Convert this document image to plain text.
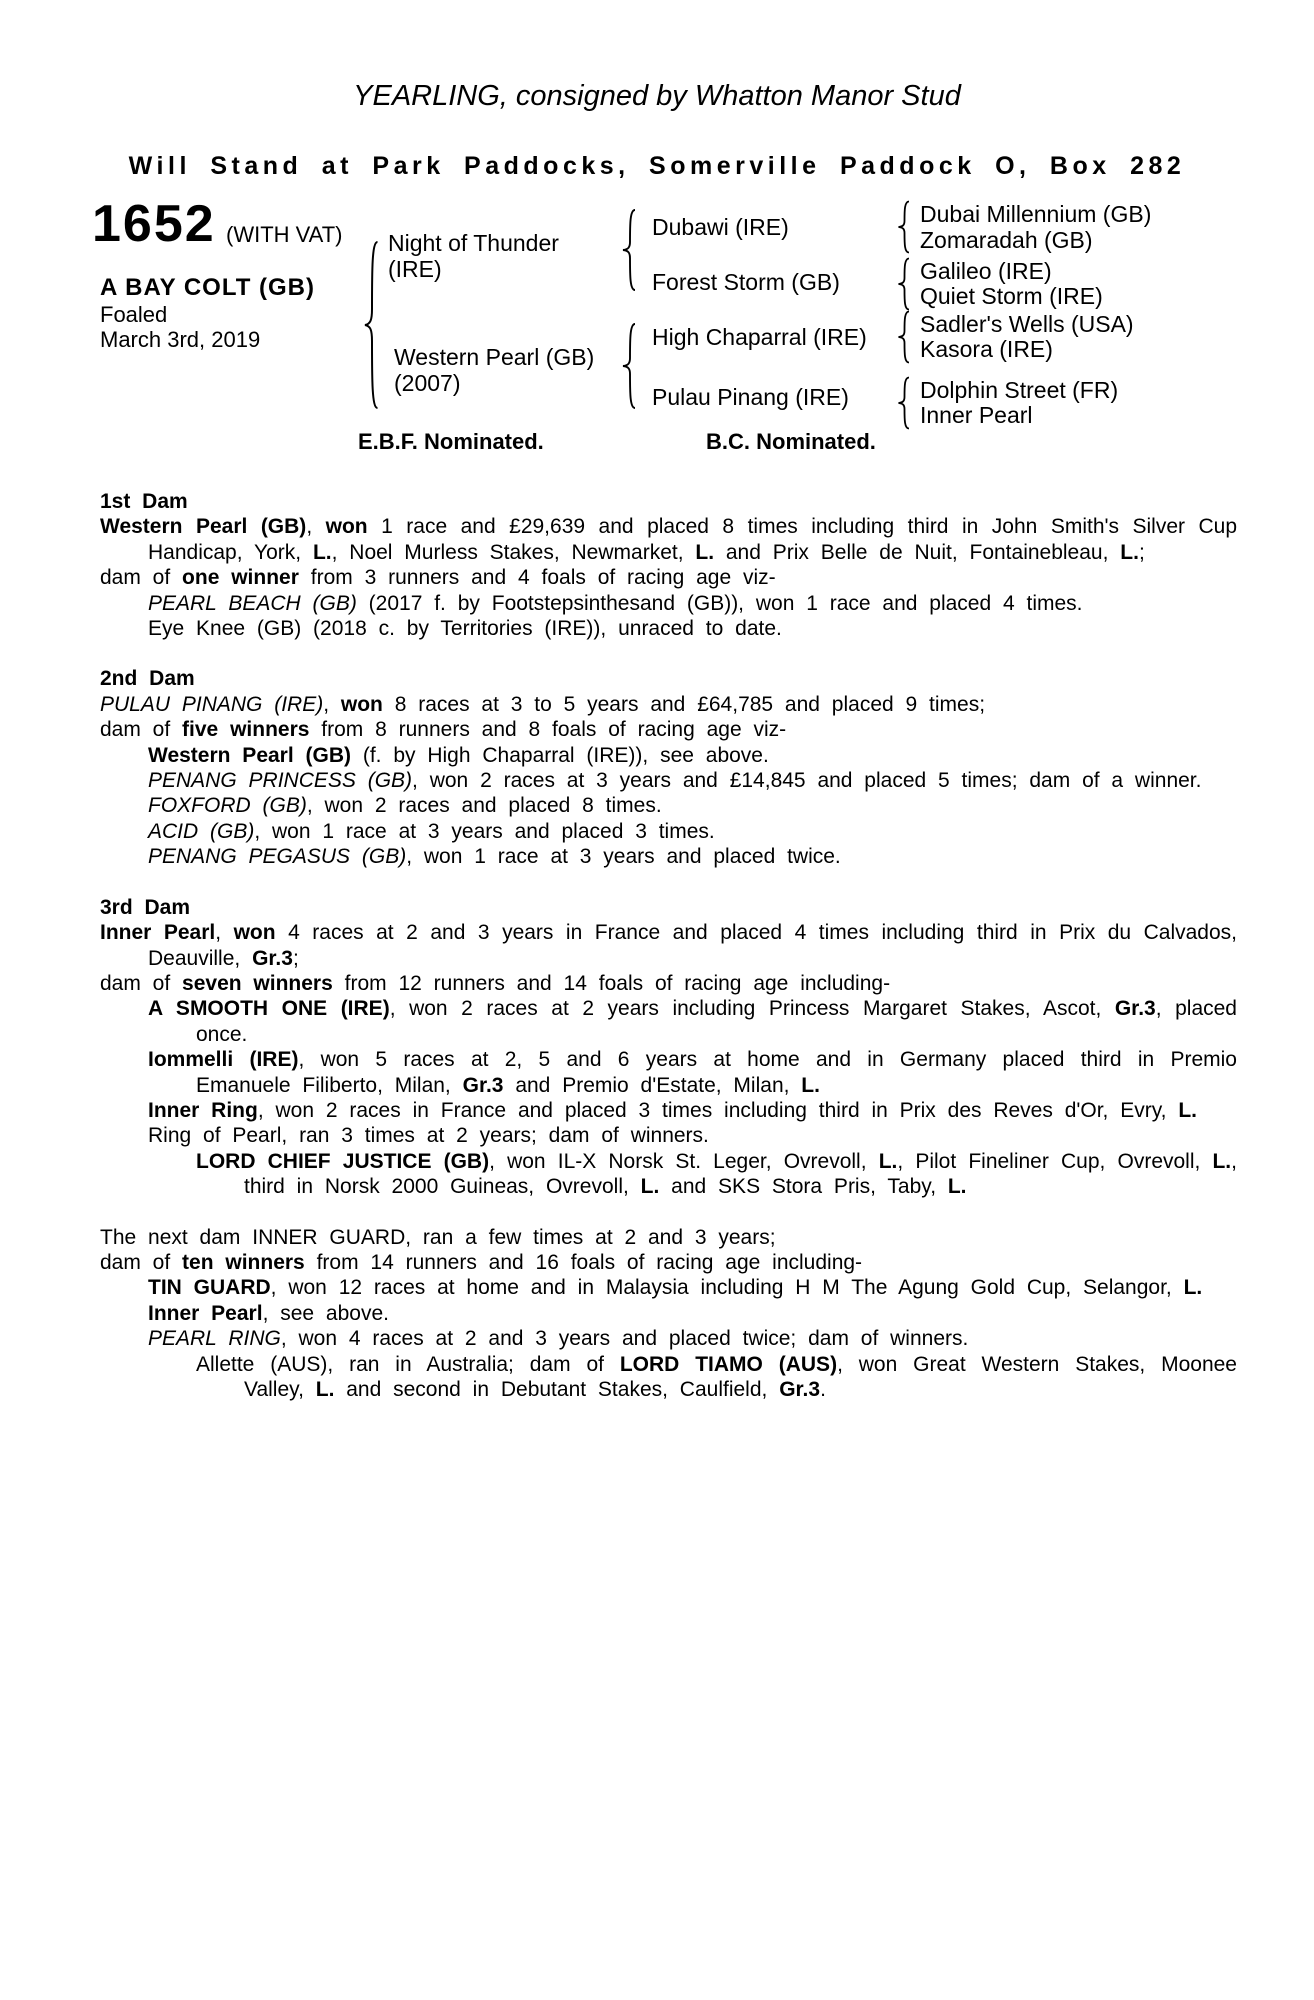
YEARLING, consigned by Whatton Manor Stud
Will Stand at Park Paddocks, Somerville Paddock O, Box 282
1652 (WITH VAT)
A BAY COLT (GB)
Foaled
March 3rd, 2019
Night of Thunder
(IRE)
Western Pearl (GB)
(2007)
Dubawi (IRE)
Forest Storm (GB)
High Chaparral (IRE)
Pulau Pinang (IRE)
Dubai Millennium (GB)
Zomaradah (GB)
Galileo (IRE)
Quiet Storm (IRE)
Sadler's Wells (USA)
Kasora (IRE)
Dolphin Street (FR)
Inner Pearl
E.B.F. Nominated.	B.C. Nominated.
1st Dam

Western Pearl (GB), won 1 race and £29,639 and placed 8 times including third in John Smith's Silver Cup Handicap, York, L., Noel Murless Stakes, Newmarket, L. and Prix Belle de Nuit, Fontainebleau, L.;

dam of one winner from 3 runners and 4 foals of racing age viz-

PEARL BEACH (GB) (2017 f. by Footstepsinthesand (GB)), won 1 race and placed 4 times.

Eye Knee (GB) (2018 c. by Territories (IRE)), unraced to date.

2nd Dam

PULAU PINANG (IRE), won 8 races at 3 to 5 years and £64,785 and placed 9 times;

dam of five winners from 8 runners and 8 foals of racing age viz-

Western Pearl (GB) (f. by High Chaparral (IRE)), see above.

PENANG PRINCESS (GB), won 2 races at 3 years and £14,845 and placed 5 times; dam of a winner.

FOXFORD (GB), won 2 races and placed 8 times.

ACID (GB), won 1 race at 3 years and placed 3 times.

PENANG PEGASUS (GB), won 1 race at 3 years and placed twice.

3rd Dam

Inner Pearl, won 4 races at 2 and 3 years in France and placed 4 times including third in Prix du Calvados, Deauville, Gr.3;

dam of seven winners from 12 runners and 14 foals of racing age including-

A SMOOTH ONE (IRE), won 2 races at 2 years including Princess Margaret Stakes, Ascot, Gr.3, placed once.

Iommelli (IRE), won 5 races at 2, 5 and 6 years at home and in Germany placed third in Premio Emanuele Filiberto, Milan, Gr.3 and Premio d'Estate, Milan, L.

Inner Ring, won 2 races in France and placed 3 times including third in Prix des Reves d'Or, Evry, L.

Ring of Pearl, ran 3 times at 2 years; dam of winners.

LORD CHIEF JUSTICE (GB), won IL-X Norsk St. Leger, Ovrevoll, L., Pilot Fineliner Cup, Ovrevoll, L., third in Norsk 2000 Guineas, Ovrevoll, L. and SKS Stora Pris, Taby, L.

The next dam INNER GUARD, ran a few times at 2 and 3 years;

dam of ten winners from 14 runners and 16 foals of racing age including-

TIN GUARD, won 12 races at home and in Malaysia including H M The Agung Gold Cup, Selangor, L.

Inner Pearl, see above.

PEARL RING, won 4 races at 2 and 3 years and placed twice; dam of winners.

Allette (AUS), ran in Australia; dam of LORD TIAMO (AUS), won Great Western Stakes, Moonee Valley, L. and second in Debutant Stakes, Caulfield, Gr.3.
